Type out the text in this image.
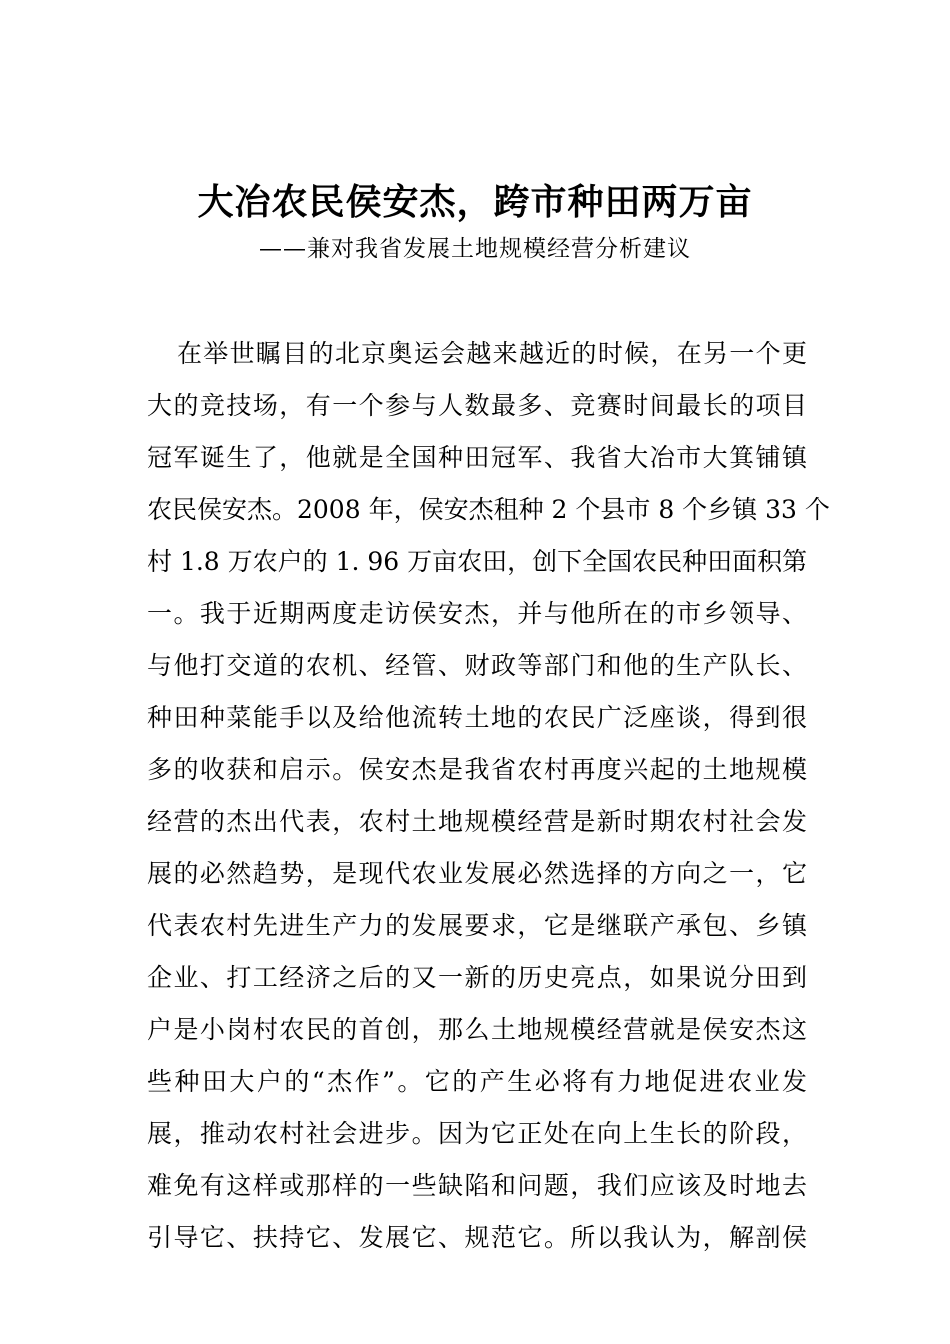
大冶农民侯安杰，跨市种田两万亩
——兼对我省发展土地规模经营分析建议
在举世瞩目的北京奥运会越来越近的时候，在另一个更
大的竞技场，有一个参与人数最多、竞赛时间最长的项目
冠军诞生了，他就是全国种田冠军、我省大冶市大箕铺镇
农民侯安杰。2008 年，侯安杰租种 2 个县市 8 个乡镇 33 个
村 1.8 万农户的 1. 96 万亩农田，创下全国农民种田面积第
一。我于近期两度走访侯安杰，并与他所在的市乡领导、
与他打交道的农机、经管、财政等部门和他的生产队长、
种田种菜能手以及给他流转土地的农民广泛座谈，得到很
多的收获和启示。侯安杰是我省农村再度兴起的土地规模
经营的杰出代表，农村土地规模经营是新时期农村社会发
展的必然趋势，是现代农业发展必然选择的方向之一，它
代表农村先进生产力的发展要求，它是继联产承包、乡镇
企业、打工经济之后的又一新的历史亮点，如果说分田到
户是小岗村农民的首创，那么土地规模经营就是侯安杰这
些种田大户的“杰作”。它的产生必将有力地促进农业发
展，推动农村社会进步。因为它正处在向上生长的阶段，
难免有这样或那样的一些缺陷和问题，我们应该及时地去
引导它、扶持它、发展它、规范它。所以我认为，解剖侯
